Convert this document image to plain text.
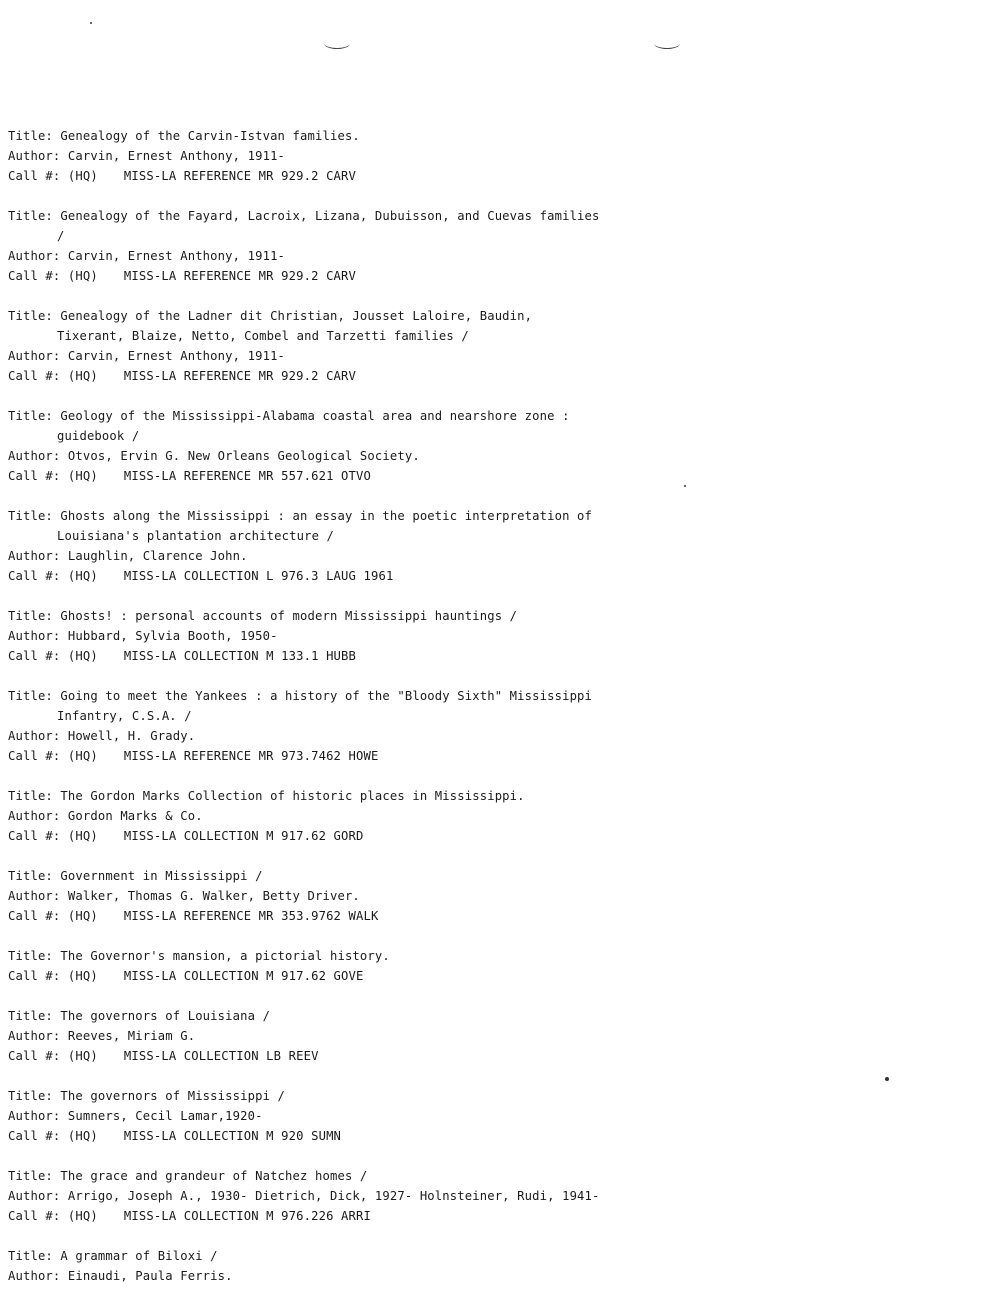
Title: Genealogy of the Carvin-Istvan families.
Author: Carvin, Ernest Anthony, 1911-
Call #: (HQ) MISS-LA REFERENCE MR 929.2 CARV
Title: Genealogy of the Fayard, Lacroix, Lizana, Dubuisson, and Cuevas families
/
Author: Carvin, Ernest Anthony, 1911-
Call #: (HQ) MISS-LA REFERENCE MR 929.2 CARV
Title: Genealogy of the Ladner dit Christian, Jousset Laloire, Baudin,
Tixerant, Blaize, Netto, Combel and Tarzetti families /
Author: Carvin, Ernest Anthony, 1911-
Call #: (HQ) MISS-LA REFERENCE MR 929.2 CARV
Title: Geology of the Mississippi-Alabama coastal area and nearshore zone :
guidebook /
Author: Otvos, Ervin G. New Orleans Geological Society.
Call #: (HQ) MISS-LA REFERENCE MR 557.621 OTVO
Title: Ghosts along the Mississippi : an essay in the poetic interpretation of
Louisiana's plantation architecture /
Author: Laughlin, Clarence John.
Call #: (HQ) MISS-LA COLLECTION L 976.3 LAUG 1961
Title: Ghosts! : personal accounts of modern Mississippi hauntings /
Author: Hubbard, Sylvia Booth, 1950-
Call #: (HQ) MISS-LA COLLECTION M 133.1 HUBB
Title: Going to meet the Yankees : a history of the "Bloody Sixth" Mississippi
Infantry, C.S.A. /
Author: Howell, H. Grady.
Call #: (HQ) MISS-LA REFERENCE MR 973.7462 HOWE
Title: The Gordon Marks Collection of historic places in Mississippi.
Author: Gordon Marks & Co.
Call #: (HQ) MISS-LA COLLECTION M 917.62 GORD
Title: Government in Mississippi /
Author: Walker, Thomas G. Walker, Betty Driver.
Call #: (HQ) MISS-LA REFERENCE MR 353.9762 WALK
Title: The Governor's mansion, a pictorial history.
Call #: (HQ) MISS-LA COLLECTION M 917.62 GOVE
Title: The governors of Louisiana /
Author: Reeves, Miriam G.
Call #: (HQ) MISS-LA COLLECTION LB REEV
Title: The governors of Mississippi /
Author: Sumners, Cecil Lamar,1920-
Call #: (HQ) MISS-LA COLLECTION M 920 SUMN
Title: The grace and grandeur of Natchez homes /
Author: Arrigo, Joseph A., 1930- Dietrich, Dick, 1927- Holnsteiner, Rudi, 1941-
Call #: (HQ) MISS-LA COLLECTION M 976.226 ARRI
Title: A grammar of Biloxi /
Author: Einaudi, Paula Ferris.
